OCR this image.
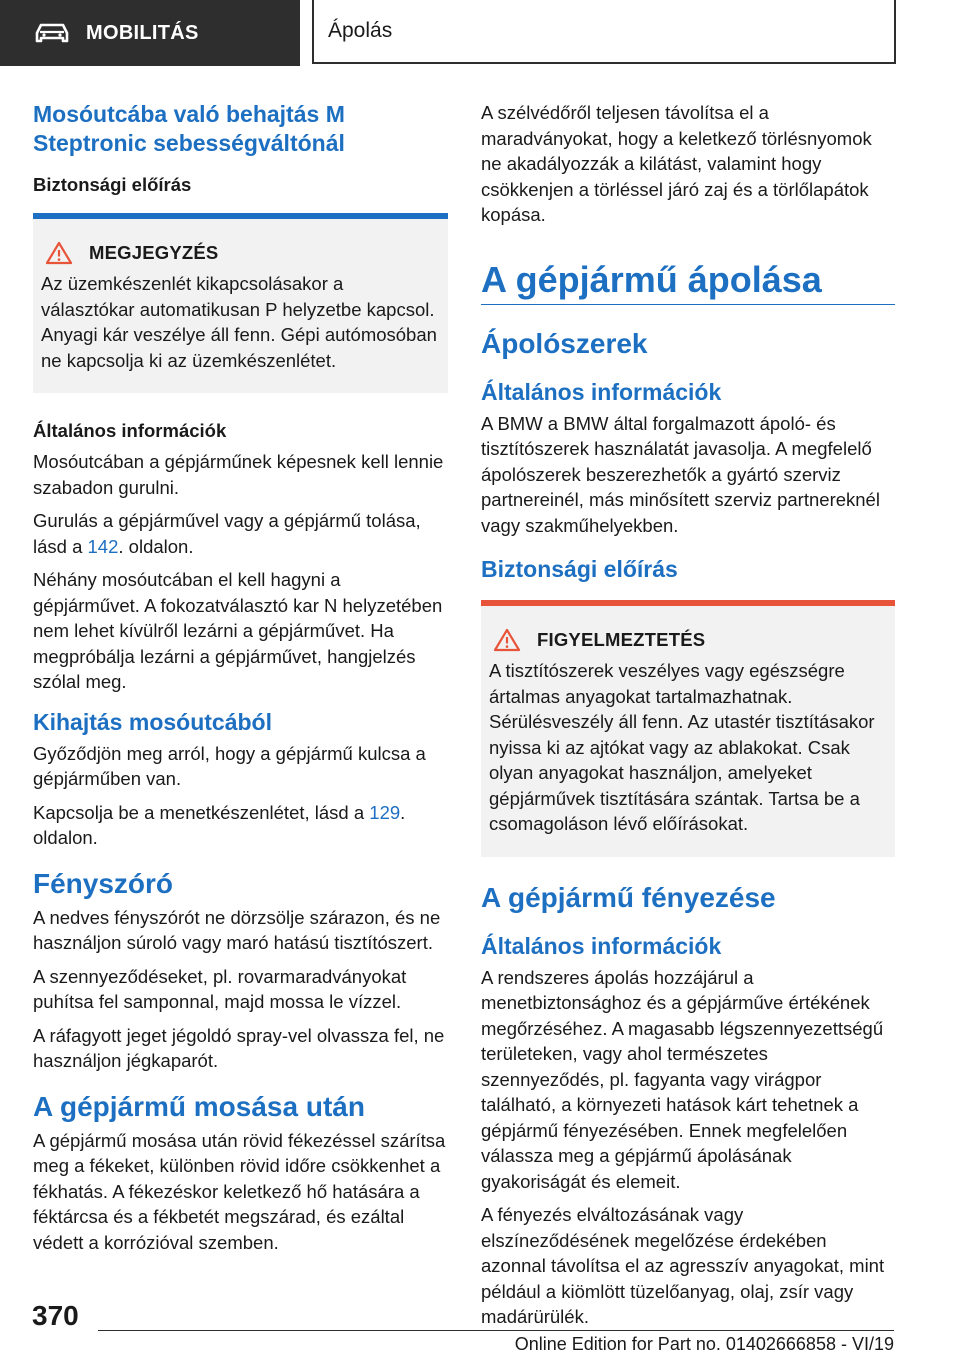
MOBILITÁS	Ápolás
Mosóutcába való behajtás M Steptronic sebességváltónál
Biztonsági előírás
MEGJEGYZÉS

Az üzemkészenlét kikapcsolásakor a választókar automatikusan P helyzetbe kapcsol. Anyagi kár veszélye áll fenn. Gépi autómosóban ne kapcsolja ki az üzemkészenlétet.

Általános információk

Mosóutcában a gépjárműnek képesnek kell lennie szabadon gurulni.

Gurulás a gépjárművel vagy a gépjármű tolása, lásd a 142. oldalon.

Néhány mosóutcában el kell hagyni a gépjárművet. A fokozatválasztó kar N helyzetében nem lehet kívülről lezárni a gépjárművet. Ha megpróbálja lezárni a gépjárművet, hangjelzés szólal meg.

Kihajtás mosóutcából

Győződjön meg arról, hogy a gépjármű kulcsa a gépjárműben van.

Kapcsolja be a menetkészenlétet, lásd a 129. oldalon.

Fényszóró

A nedves fényszórót ne dörzsölje szárazon, és ne használjon súroló vagy maró hatású tisztítószert.

A szennyeződéseket, pl. rovarmaradványokat puhítsa fel samponnal, majd mossa le vízzel.

A ráfagyott jeget jégoldó spray-vel olvassza fel, ne használjon jégkaparót.

A gépjármű mosása után

A gépjármű mosása után rövid fékezéssel szárítsa meg a fékeket, különben rövid időre csökkenhet a fékhatás. A fékezéskor keletkező hő hatására a féktárcsa és a fékbetét megszárad, és ezáltal védett a korrózióval szemben.

A szélvédőről teljesen távolítsa el a maradványokat, hogy a keletkező törlésnyomok ne akadályozzák a kilátást, valamint hogy csökkenjen a törléssel járó zaj és a törlőlapátok kopása.

A gépjármű ápolása
Ápolószerek
Általános információk

A BMW a BMW által forgalmazott ápoló- és tisztítószerek használatát javasolja. A megfelelő ápolószerek beszerezhetők a gyártó szerviz partnereinél, más minősített szerviz partnereknél vagy szakműhelyekben.

Biztonsági előírás
FIGYELMEZTETÉS

A tisztítószerek veszélyes vagy egészségre ártalmas anyagokat tartalmazhatnak. Sérülésveszély áll fenn. Az utastér tisztításakor nyissa ki az ajtókat vagy az ablakokat. Csak olyan anyagokat használjon, amelyeket gépjárművek tisztítására szántak. Tartsa be a csomagoláson lévő előírásokat.

A gépjármű fényezése
Általános információk

A rendszeres ápolás hozzájárul a menetbiztonsághoz és a gépjárműve értékének megőrzéséhez. A magasabb légszennyezettségű területeken, vagy ahol természetes szennyeződés, pl. fagyanta vagy virágpor található, a környezeti hatások kárt tehetnek a gépjármű fényezésében. Ennek megfelelően válassza meg a gépjármű ápolásának gyakoriságát és elemeit.

A fényezés elváltozásának vagy elszíneződésének megelőzése érdekében azonnal távolítsa el az agresszív anyagokat, mint például a kiömlött tüzelőanyag, olaj, zsír vagy madárürülék.

370
Online Edition for Part no. 01402666858 - VI/19
